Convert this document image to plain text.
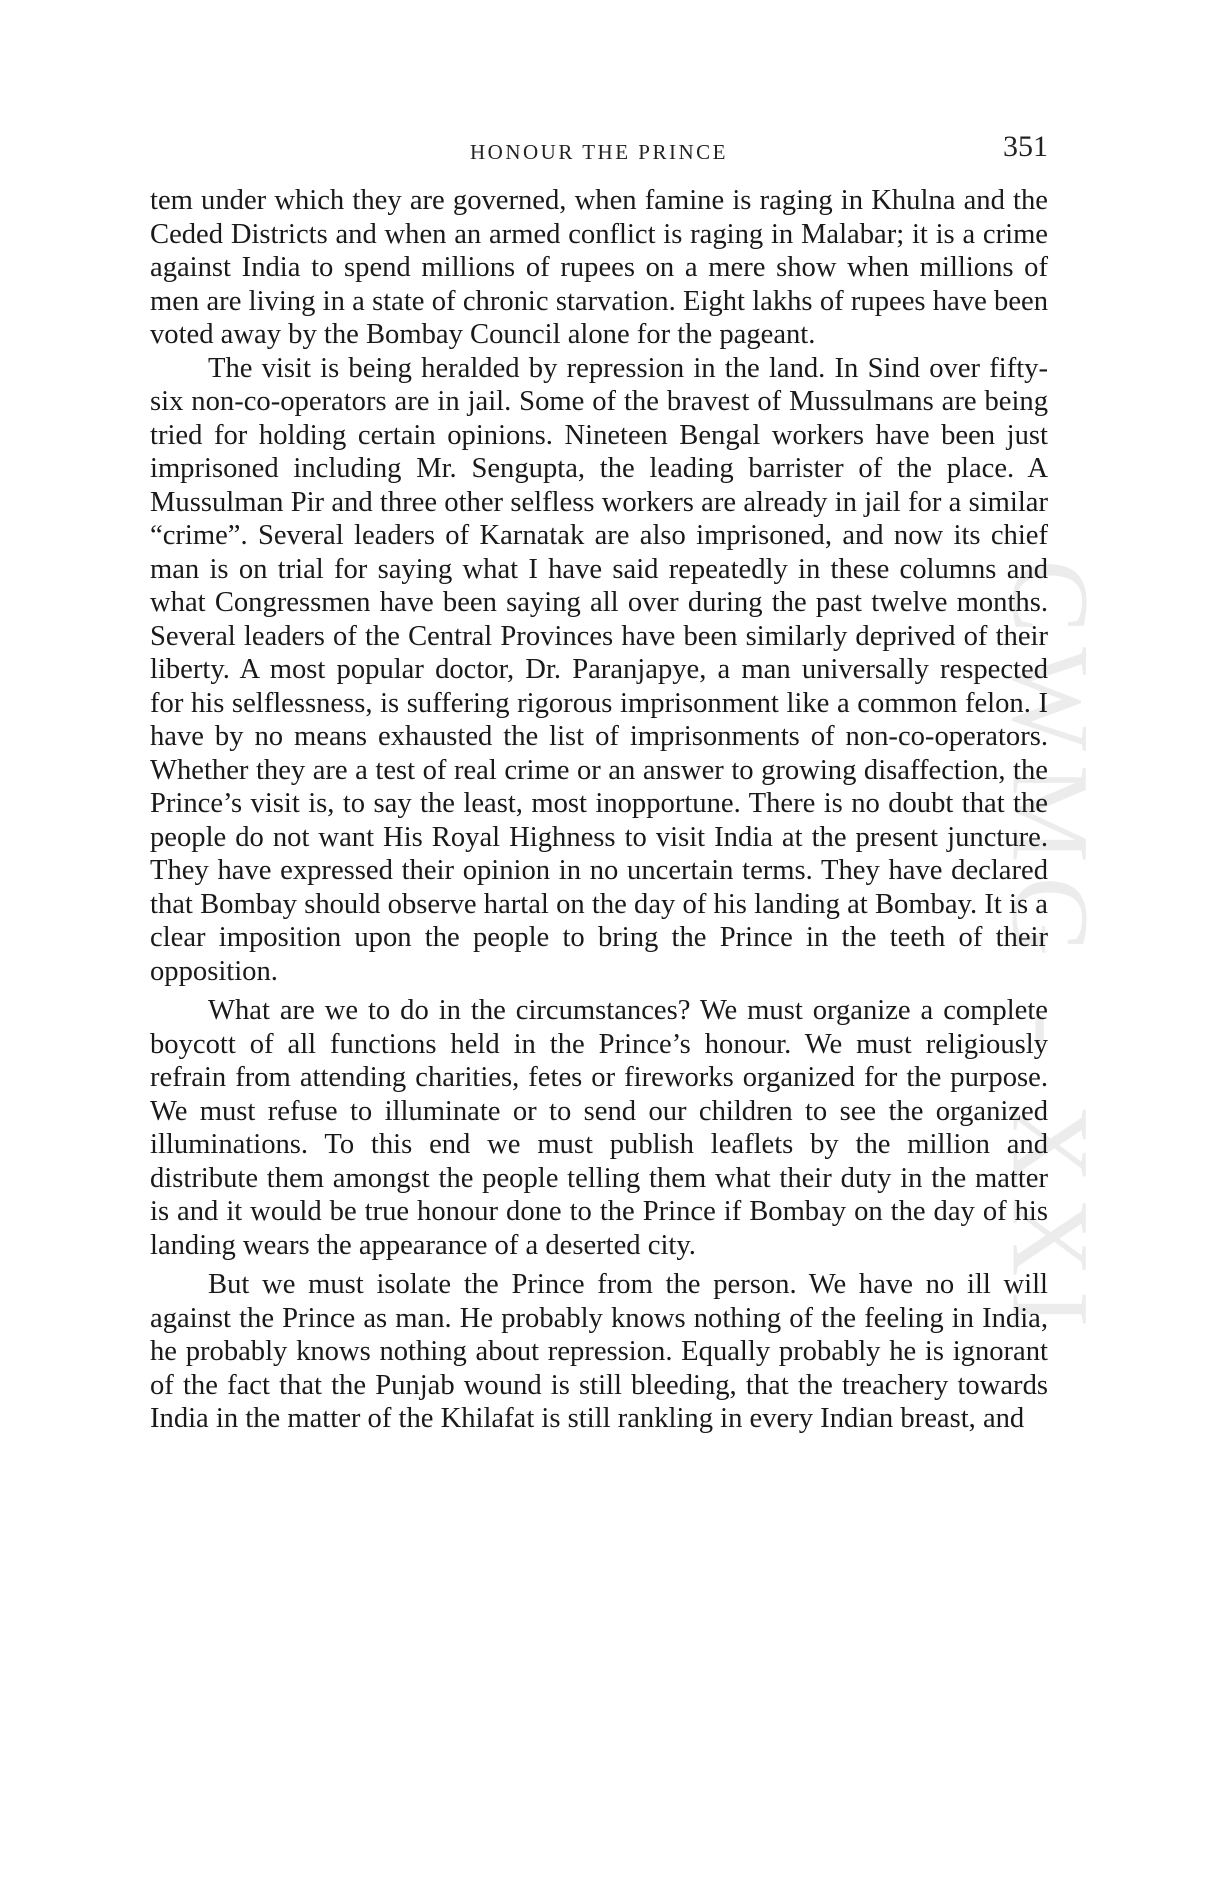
CWMG - XXI
HONOUR THE PRINCE	351

tem under which they are governed, when famine is raging in Khulna and the Ceded Districts and when an armed conflict is raging in Malabar; it is a crime against India to spend millions of rupees on a mere show when millions of men are living in a state of chronic starvation. Eight lakhs of rupees have been voted away by the Bombay Council alone for the pageant.

The visit is being heralded by repression in the land. In Sind over fifty-six non-co-operators are in jail. Some of the bravest of Mussulmans are being tried for holding certain opinions. Nineteen Bengal workers have been just imprisoned including Mr. Sengupta, the leading barrister of the place. A Mussulman Pir and three other selfless workers are already in jail for a similar “crime”. Several leaders of Karnatak are also imprisoned, and now its chief man is on trial for saying what I have said repeatedly in these columns and what Congressmen have been saying all over during the past twelve months. Several leaders of the Central Provinces have been similarly deprived of their liberty. A most popular doctor, Dr. Paranjapye, a man universally respected for his selflessness, is suffering rigorous imprisonment like a common felon. I have by no means exhausted the list of imprisonments of non-co-operators. Whether they are a test of real crime or an answer to growing disaffection, the Prince’s visit is, to say the least, most inopportune. There is no doubt that the people do not want His Royal Highness to visit India at the present juncture. They have expressed their opinion in no uncertain terms. They have declared that Bombay should observe hartal on the day of his landing at Bombay. It is a clear imposition upon the people to bring the Prince in the teeth of their opposition.

What are we to do in the circumstances? We must organize a complete boycott of all functions held in the Prince’s honour. We must religiously refrain from attending charities, fetes or fireworks organized for the purpose. We must refuse to illuminate or to send our children to see the organized illuminations. To this end we must publish leaflets by the million and distribute them amongst the people telling them what their duty in the matter is and it would be true honour done to the Prince if Bombay on the day of his landing wears the appearance of a deserted city.

But we must isolate the Prince from the person. We have no ill will against the Prince as man. He probably knows nothing of the feeling in India, he probably knows nothing about repression. Equally probably he is ignorant of the fact that the Punjab wound is still bleeding, that the treachery towards India in the matter of the Khilafat is still rankling in every Indian breast, and
